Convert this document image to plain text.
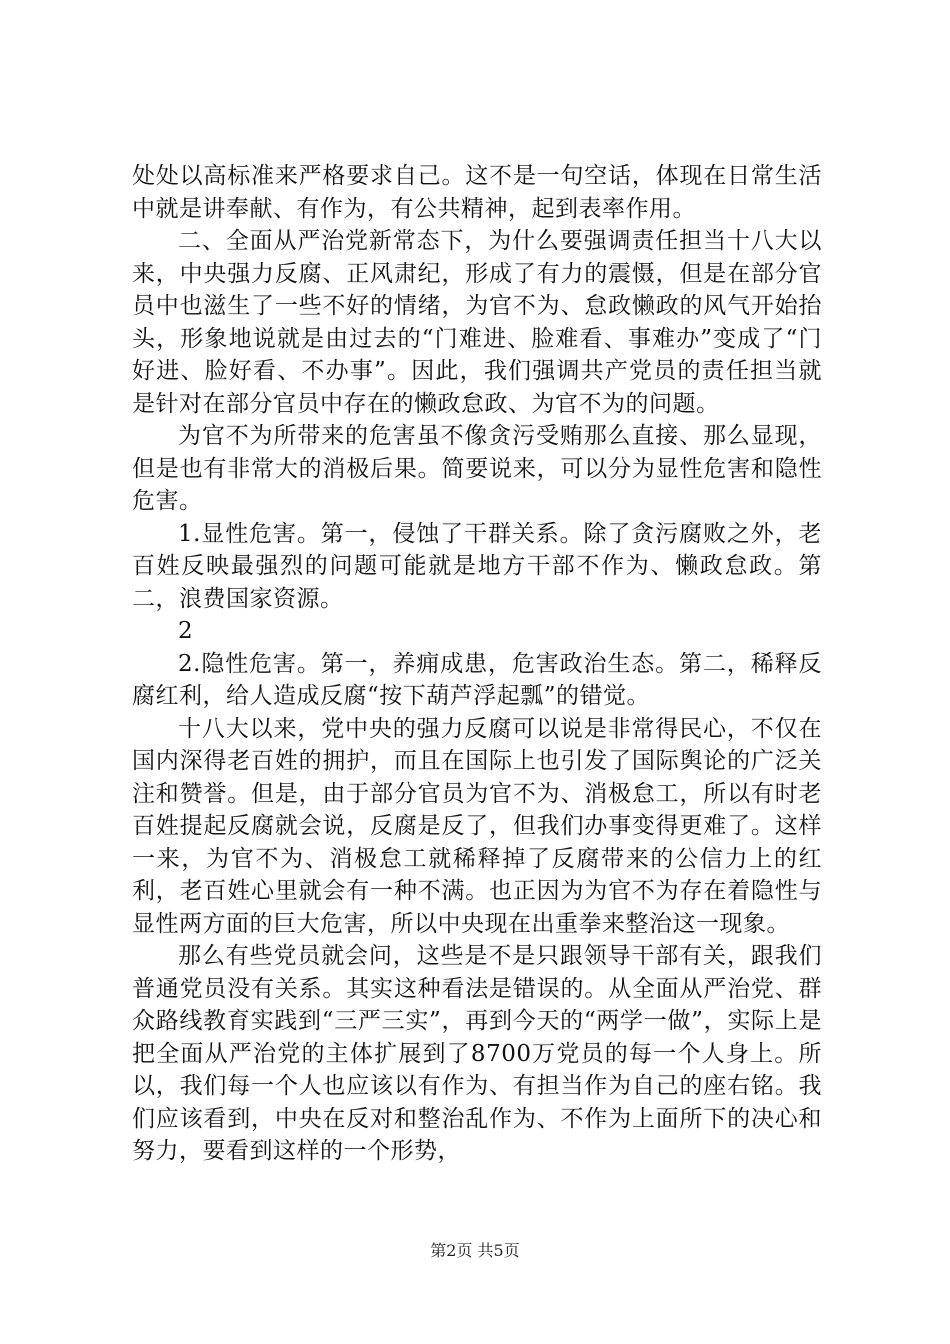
处处以高标准来严格要求自己。这不是一句空话，体现在日常生活中就是讲奉献、有作为，有公共精神，起到表率作用。

二、全面从严治党新常态下，为什么要强调责任担当十八大以来，中央强力反腐、正风肃纪，形成了有力的震慑，但是在部分官员中也滋生了一些不好的情绪，为官不为、怠政懒政的风气开始抬头，形象地说就是由过去的“门难进、脸难看、事难办”变成了“门好进、脸好看、不办事”。因此，我们强调共产党员的责任担当就是针对在部分官员中存在的懒政怠政、为官不为的问题。

为官不为所带来的危害虽不像贪污受贿那么直接、那么显现，但是也有非常大的消极后果。简要说来，可以分为显性危害和隐性危害。

1.显性危害。第一，侵蚀了干群关系。除了贪污腐败之外，老百姓反映最强烈的问题可能就是地方干部不作为、懒政怠政。第二，浪费国家资源。

2

2.隐性危害。第一，养痈成患，危害政治生态。第二，稀释反腐红利，给人造成反腐“按下葫芦浮起瓢”的错觉。

十八大以来，党中央的强力反腐可以说是非常得民心，不仅在国内深得老百姓的拥护，而且在国际上也引发了国际舆论的广泛关注和赞誉。但是，由于部分官员为官不为、消极怠工，所以有时老百姓提起反腐就会说，反腐是反了，但我们办事变得更难了。这样一来，为官不为、消极怠工就稀释掉了反腐带来的公信力上的红利，老百姓心里就会有一种不满。也正因为为官不为存在着隐性与显性两方面的巨大危害，所以中央现在出重拳来整治这一现象。

那么有些党员就会问，这些是不是只跟领导干部有关，跟我们普通党员没有关系。其实这种看法是错误的。从全面从严治党、群众路线教育实践到“三严三实”，再到今天的“两学一做”，实际上是把全面从严治党的主体扩展到了8700万党员的每一个人身上。所以，我们每一个人也应该以有作为、有担当作为自己的座右铭。我们应该看到，中央在反对和整治乱作为、不作为上面所下的决心和努力，要看到这样的一个形势，

第2页 共5页
